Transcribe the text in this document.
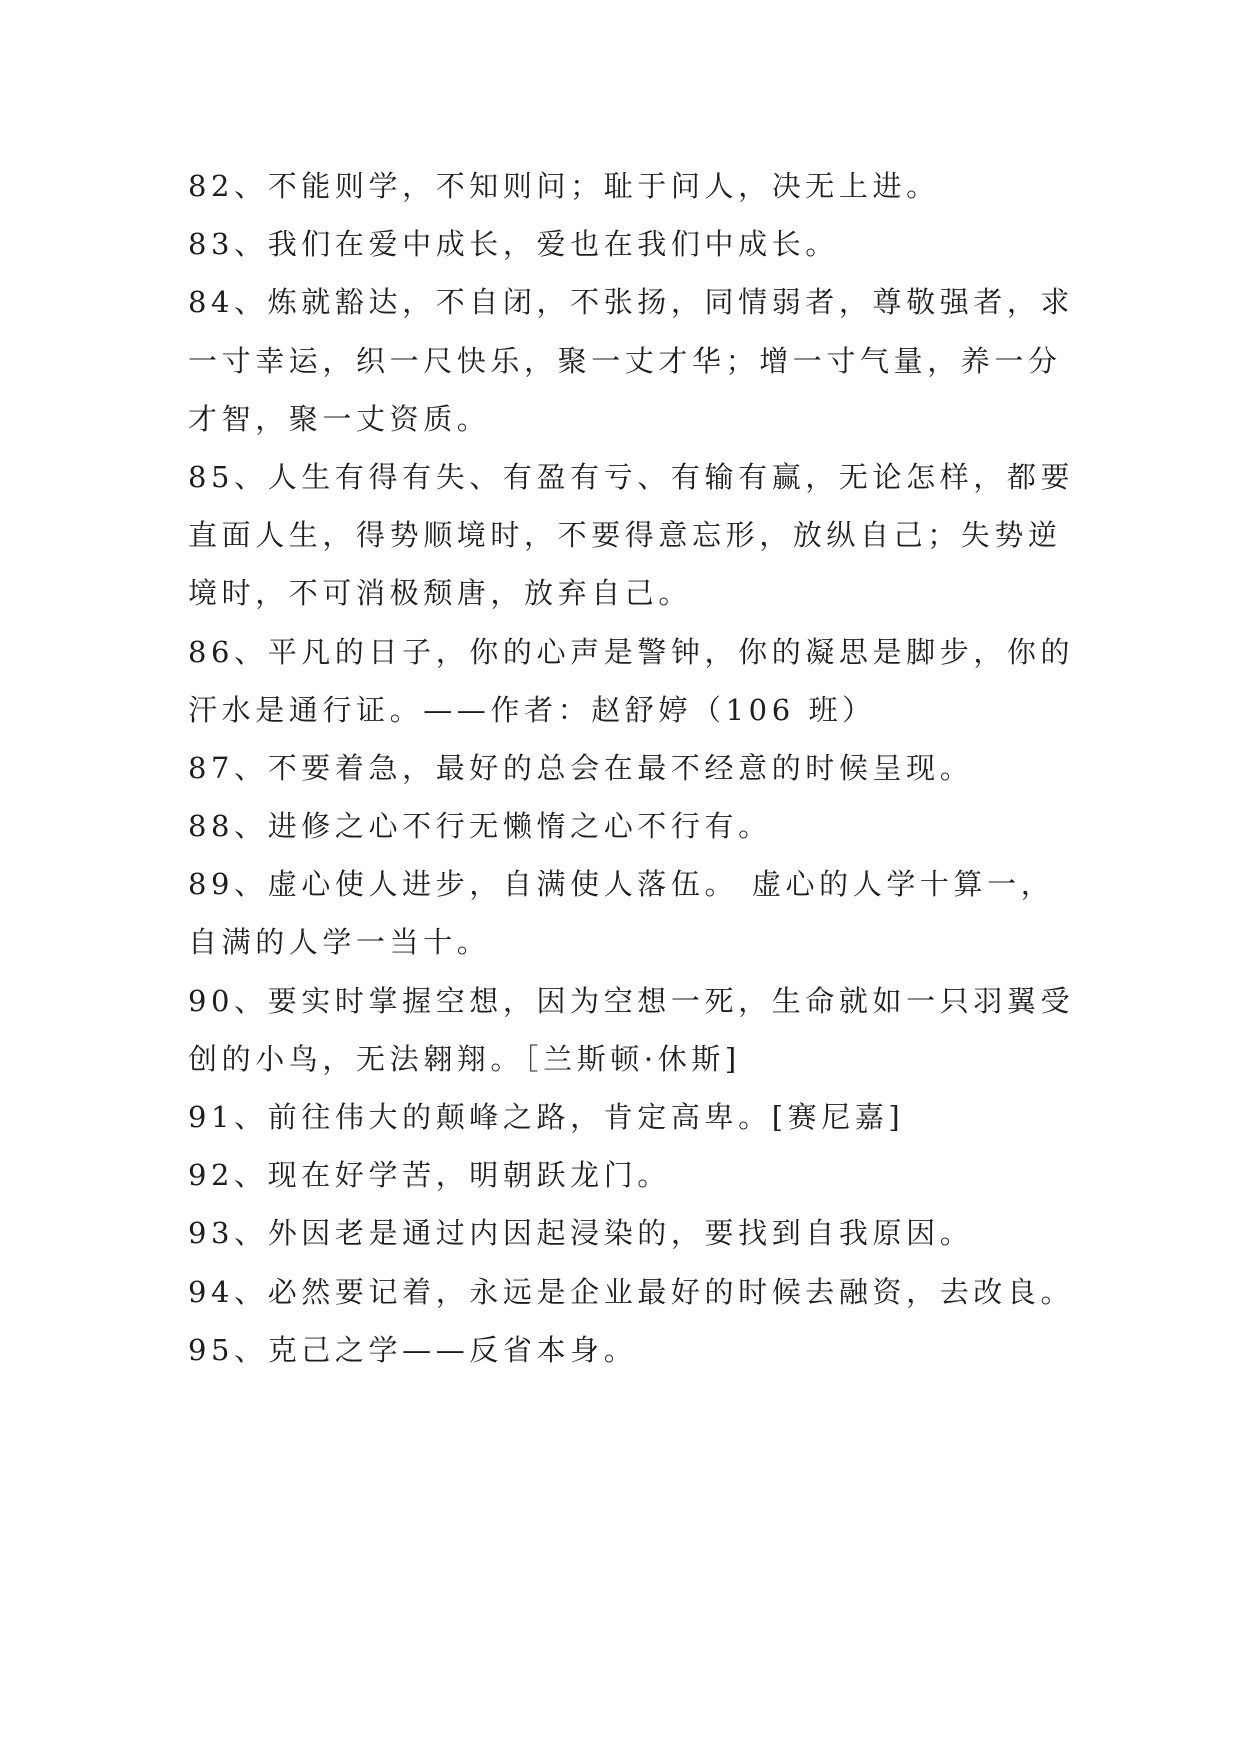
82、不能则学，不知则问；耻于问人，决无上进。
83、我们在爱中成长，爱也在我们中成长。
84、炼就豁达，不自闭，不张扬，同情弱者，尊敬强者，求
一寸幸运，织一尺快乐，聚一丈才华；增一寸气量，养一分
才智，聚一丈资质。
85、人生有得有失、有盈有亏、有输有赢，无论怎样，都要
直面人生，得势顺境时，不要得意忘形，放纵自己；失势逆
境时，不可消极颓唐，放弃自己。
86、平凡的日子，你的心声是警钟，你的凝思是脚步，你的
汗水是通行证。——作者：赵舒婷（106 班）
87、不要着急，最好的总会在最不经意的时候呈现。
88、进修之心不行无懒惰之心不行有。
89、虚心使人进步，自满使人落伍。 虚心的人学十算一，
自满的人学一当十。
90、要实时掌握空想，因为空想一死，生命就如一只羽翼受
创的小鸟，无法翱翔。［兰斯顿·休斯]
91、前往伟大的颠峰之路，肯定高卑。[赛尼嘉]
92、现在好学苦，明朝跃龙门。
93、外因老是通过内因起浸染的，要找到自我原因。
94、必然要记着，永远是企业最好的时候去融资，去改良。
95、克己之学——反省本身。
